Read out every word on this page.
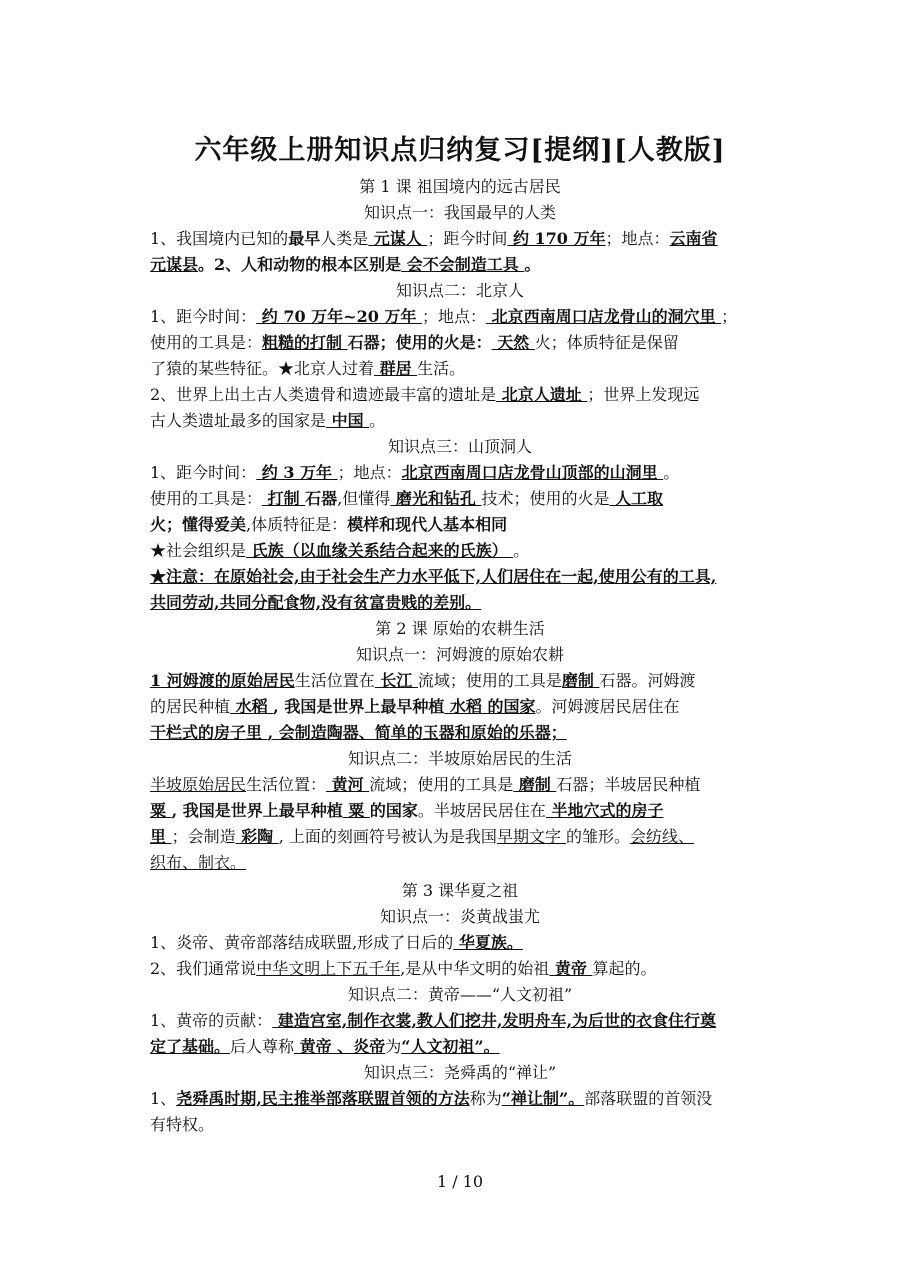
六年级上册知识点归纳复习[提纲][人教版]
第 1 课 祖国境内的远古居民
知识点一：我国最早的人类
1、我国境内已知的最早人类是 元谋人 ；距今时间 约 170 万年；地点：云南省
元谋县。2、人和动物的根本区别是 会不会制造工具 。
知识点二：北京人
1、距今时间： 约 70 万年~20 万年 ；地点： 北京西南周口店龙骨山的洞穴里 ；
使用的工具是：粗糙的打制 石器；使用的火是： 天然 火；体质特征是保留
了猿的某些特征。★北京人过着 群居 生活。
2、世界上出土古人类遗骨和遗迹最丰富的遗址是 北京人遗址 ；世界上发现远
古人类遗址最多的国家是 中国 。
知识点三：山顶洞人
1、距今时间： 约 3 万年 ；地点：北京西南周口店龙骨山顶部的山洞里 。
使用的工具是： 打制 石器,但懂得 磨光和钻孔 技术；使用的火是 人工取
火；懂得爱美,体质特征是：模样和现代人基本相同
★社会组织是 氏族（以血缘关系结合起来的氏族） 。
★注意：在原始社会,由于社会生产力水平低下,人们居住在一起,使用公有的工具,
共同劳动,共同分配食物,没有贫富贵贱的差别。
第 2 课 原始的农耕生活
知识点一：河姆渡的原始农耕
1 河姆渡的原始居民生活位置在 长江 流域；使用的工具是磨制 石器。河姆渡
的居民种植 水稻 , 我国是世界上最早种植 水稻 的国家。河姆渡居民居住在
干栏式的房子里 , 会制造陶器、简单的玉器和原始的乐器；
知识点二：半坡原始居民的生活
半坡原始居民生活位置： 黄河 流域；使用的工具是 磨制 石器；半坡居民种植
粟 , 我国是世界上最早种植 粟 的国家。半坡居民居住在 半地穴式的房子
里 ；会制造 彩陶 , 上面的刻画符号被认为是我国早期文字 的雏形。会纺线、
织布、制衣。
第 3 课华夏之祖
知识点一：炎黄战蚩尤
1、炎帝、黄帝部落结成联盟,形成了日后的 华夏族。
2、我们通常说中华文明上下五千年,是从中华文明的始祖 黄帝 算起的。
知识点二：黄帝——“人文初祖”
1、黄帝的贡献： 建造宫室,制作衣裳,教人们挖井,发明舟车,为后世的衣食住行奠
定了基础。后人尊称 黄帝 、炎帝为“人文初祖”。
知识点三：尧舜禹的“禅让”
1、尧舜禹时期,民主推举部落联盟首领的方法称为“禅让制”。部落联盟的首领没
有特权。
1 / 10
